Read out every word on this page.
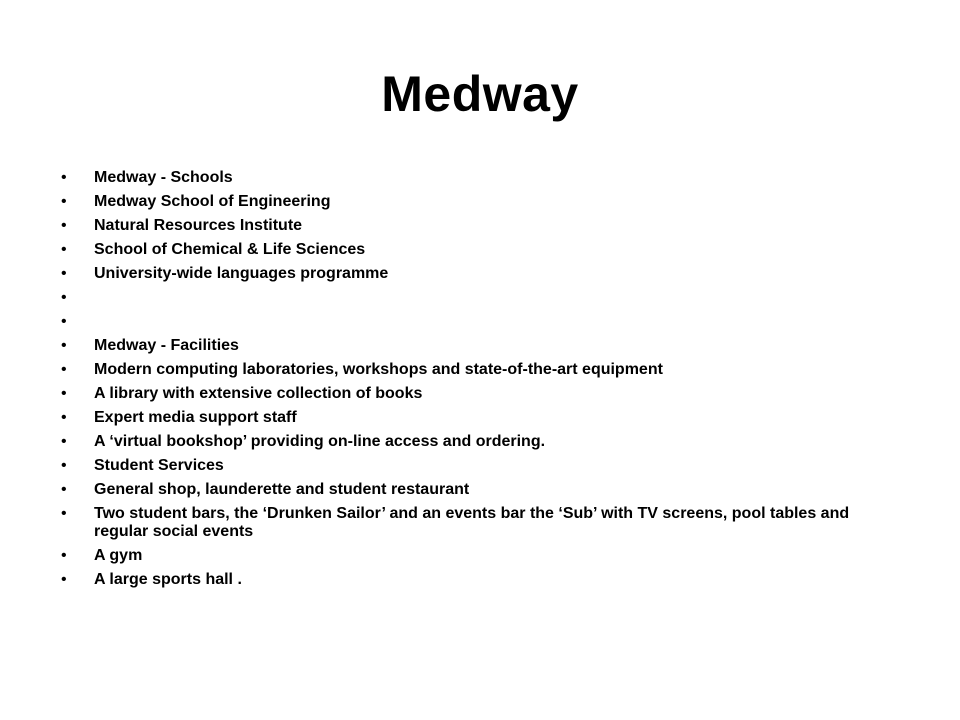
Medway
• Medway - Schools
• Medway School of Engineering
• Natural Resources Institute
• School of Chemical & Life Sciences
• University-wide languages programme
•
•
• Medway - Facilities
• Modern computing laboratories, workshops and state-of-the-art equipment
• A library with extensive collection of books
• Expert media support staff
• A ‘virtual bookshop’ providing on-line access and ordering.
• Student Services
• General shop, launderette and student restaurant
• Two student bars, the ‘Drunken Sailor’ and an events bar the ‘Sub’ with TV screens, pool tables and regular social events
• A gym
• A large sports hall .
